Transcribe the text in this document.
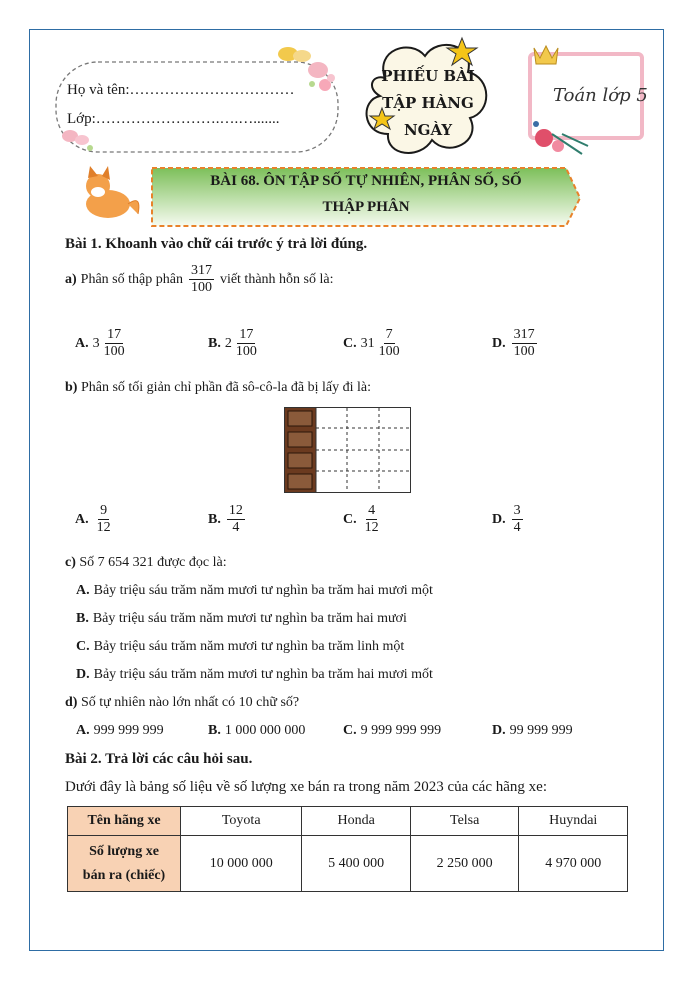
Họ và tên:……………………………
Lớp:…………………….….….......
PHIẾU BÀI
TẬP HÀNG
NGÀY
Toán lớp 5
BÀI 68. ÔN TẬP SỐ TỰ NHIÊN, PHÂN SỐ, SỐ
THẬP PHÂN
Bài 1. Khoanh vào chữ cái trước ý trả lời đúng.
a) Phân số thập phân $\frac{317}{100}$ viết thành hỗn số là:
A. $3 \frac{17}{100}$	B. $2 \frac{17}{100}$	C. $31 \frac{7}{100}$	D. $\frac{317}{100}$
b) Phân số tối giản chỉ phần đã sô-cô-la đã bị lấy đi là:
A. $\frac{9}{12}$	B. $\frac{12}{4}$	C. $\frac{4}{12}$	D. $\frac{3}{4}$
c) Số 7 654 321 được đọc là:
A. Bảy triệu sáu trăm năm mươi tư nghìn ba trăm hai mươi một
B. Bảy triệu sáu trăm năm mươi tư nghìn ba trăm hai mươi
C. Bảy triệu sáu trăm năm mươi tư nghìn ba trăm linh một
D. Bảy triệu sáu trăm năm mươi tư nghìn ba trăm hai mươi mốt
d) Số tự nhiên nào lớn nhất có 10 chữ số?
A. 999 999 999	B. 1 000 000 000	C. 9 999 999 999	D. 99 999 999
Bài 2. Trả lời các câu hỏi sau.
Dưới đây là bảng số liệu về số lượng xe bán ra trong năm 2023 của các hãng xe:
Tên hãng xe	Toyota	Honda	Telsa	Huyndai

Số lượng xe
bán ra (chiếc)	10 000 000	5 400 000	2 250 000	4 970 000
